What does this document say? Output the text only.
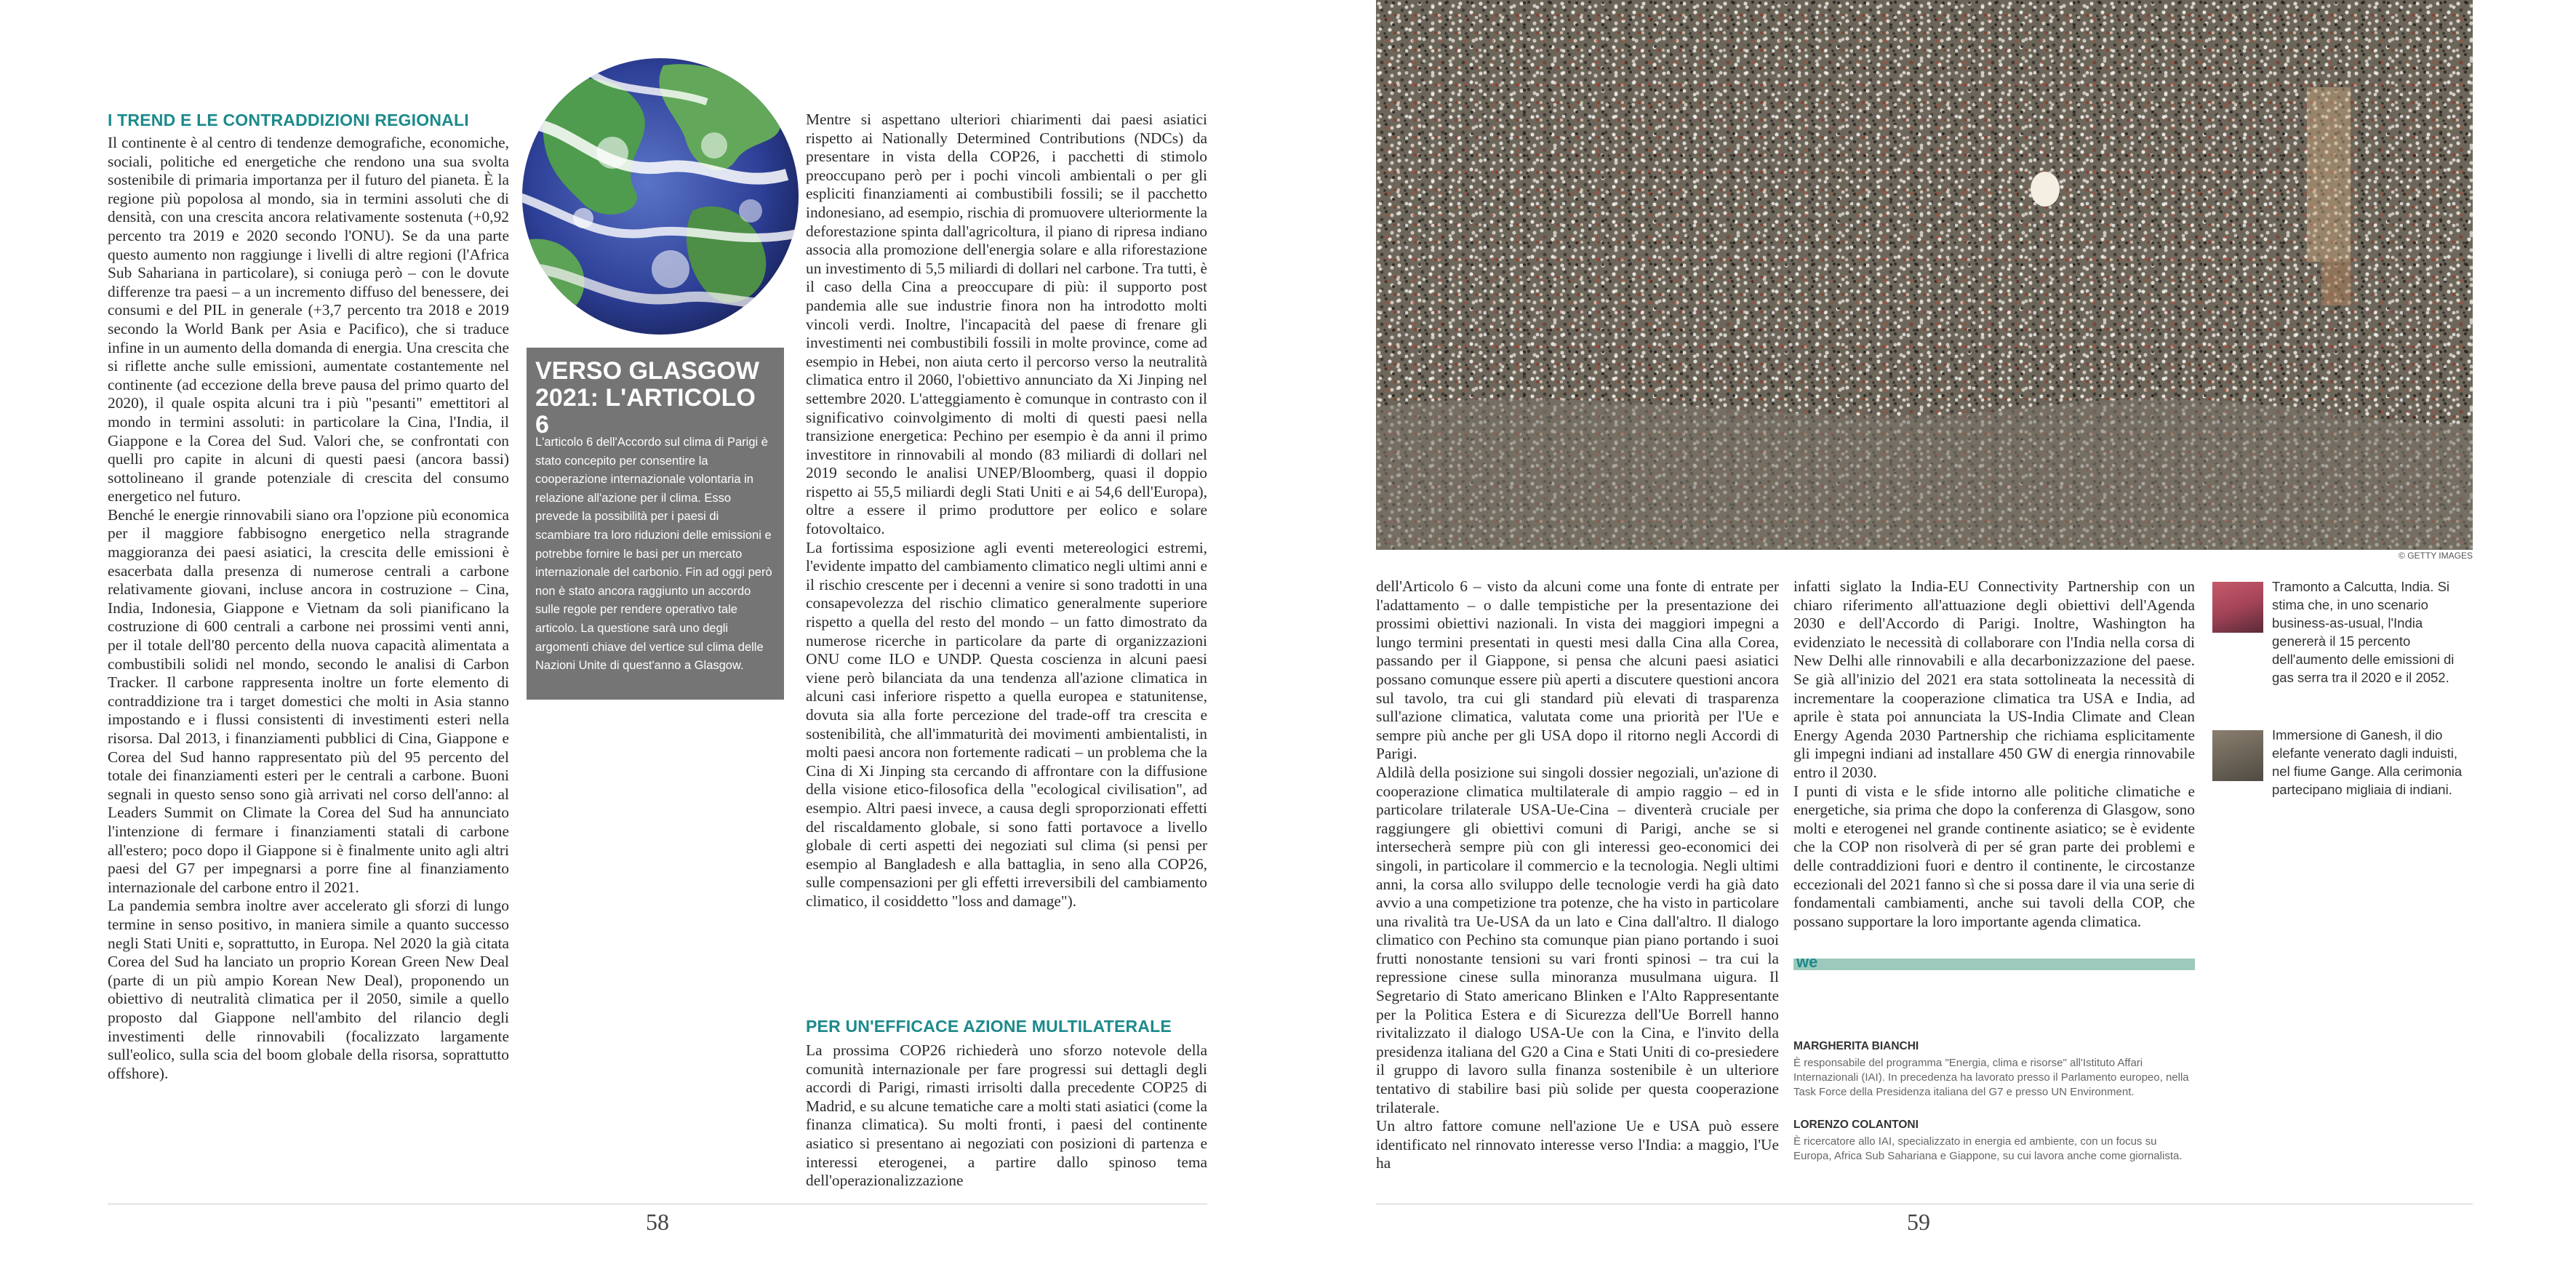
I TREND E LE CONTRADDIZIONI REGIONALI

Il continente è al centro di tendenze demografiche, economiche, sociali, politiche ed energetiche che rendono una sua svolta sostenibile di primaria importanza per il futuro del pianeta. È la regione più popolosa al mondo, sia in termini assoluti che di densità, con una crescita ancora relativamente sostenuta (+0,92 percento tra 2019 e 2020 secondo l'ONU). Se da una parte questo aumento non raggiunge i livelli di altre regioni (l'Africa Sub Sahariana in particolare), si coniuga però – con le dovute differenze tra paesi – a un incremento diffuso del benessere, dei consumi e del PIL in generale (+3,7 percento tra 2018 e 2019 secondo la World Bank per Asia e Pacifico), che si traduce infine in un aumento della domanda di energia. Una crescita che si riflette anche sulle emissioni, aumentate costantemente nel continente (ad eccezione della breve pausa del primo quarto del 2020), il quale ospita alcuni tra i più "pesanti" emettitori al mondo in termini assoluti: in particolare la Cina, l'India, il Giappone e la Corea del Sud. Valori che, se confrontati con quelli pro capite in alcuni di questi paesi (ancora bassi) sottolineano il grande potenziale di crescita del consumo energetico nel futuro.

Benché le energie rinnovabili siano ora l'opzione più economica per il maggiore fabbisogno energetico nella stragrande maggioranza dei paesi asiatici, la crescita delle emissioni è esacerbata dalla presenza di numerose centrali a carbone relativamente giovani, incluse ancora in costruzione – Cina, India, Indonesia, Giappone e Vietnam da soli pianificano la costruzione di 600 centrali a carbone nei prossimi venti anni, per il totale dell'80 percento della nuova capacità alimentata a combustibili solidi nel mondo, secondo le analisi di Carbon Tracker. Il carbone rappresenta inoltre un forte elemento di contraddizione tra i target domestici che molti in Asia stanno impostando e i flussi consistenti di investimenti esteri nella risorsa. Dal 2013, i finanziamenti pubblici di Cina, Giappone e Corea del Sud hanno rappresentato più del 95 percento del totale dei finanziamenti esteri per le centrali a carbone. Buoni segnali in questo senso sono già arrivati nel corso dell'anno: al Leaders Summit on Climate la Corea del Sud ha annunciato l'intenzione di fermare i finanziamenti statali di carbone all'estero; poco dopo il Giappone si è finalmente unito agli altri paesi del G7 per impegnarsi a porre fine al finanziamento internazionale del carbone entro il 2021.

La pandemia sembra inoltre aver accelerato gli sforzi di lungo termine in senso positivo, in maniera simile a quanto successo negli Stati Uniti e, soprattutto, in Europa. Nel 2020 la già citata Corea del Sud ha lanciato un proprio Korean Green New Deal (parte di un più ampio Korean New Deal), proponendo un obiettivo di neutralità climatica per il 2050, simile a quello proposto dal Giappone nell'ambito del rilancio degli investimenti delle rinnovabili (focalizzato largamente sull'eolico, sulla scia del boom globale della risorsa, soprattutto offshore).

VERSO GLASGOW 2021: L'ARTICOLO 6
L'articolo 6 dell'Accordo sul clima di Parigi è stato concepito per consentire la cooperazione internazionale volontaria in relazione all'azione per il clima. Esso prevede la possibilità per i paesi di scambiare tra loro riduzioni delle emissioni e potrebbe fornire le basi per un mercato internazionale del carbonio. Fin ad oggi però non è stato ancora raggiunto un accordo sulle regole per rendere operativo tale articolo. La questione sarà uno degli argomenti chiave del vertice sul clima delle Nazioni Unite di quest'anno a Glasgow.

Mentre si aspettano ulteriori chiarimenti dai paesi asiatici rispetto ai Nationally Determined Contributions (NDCs) da presentare in vista della COP26, i pacchetti di stimolo preoccupano però per i pochi vincoli ambientali o per gli espliciti finanziamenti ai combustibili fossili; se il pacchetto indonesiano, ad esempio, rischia di promuovere ulteriormente la deforestazione spinta dall'agricoltura, il piano di ripresa indiano associa alla promozione dell'energia solare e alla riforestazione un investimento di 5,5 miliardi di dollari nel carbone. Tra tutti, è il caso della Cina a preoccupare di più: il supporto post pandemia alle sue industrie finora non ha introdotto molti vincoli verdi. Inoltre, l'incapacità del paese di frenare gli investimenti nei combustibili fossili in molte province, come ad esempio in Hebei, non aiuta certo il percorso verso la neutralità climatica entro il 2060, l'obiettivo annunciato da Xi Jinping nel settembre 2020. L'atteggiamento è comunque in contrasto con il significativo coinvolgimento di molti di questi paesi nella transizione energetica: Pechino per esempio è da anni il primo investitore in rinnovabili al mondo (83 miliardi di dollari nel 2019 secondo le analisi UNEP/Bloomberg, quasi il doppio rispetto ai 55,5 miliardi degli Stati Uniti e ai 54,6 dell'Europa), oltre a essere il primo produttore per eolico e solare fotovoltaico.

La fortissima esposizione agli eventi metereologici estremi, l'evidente impatto del cambiamento climatico negli ultimi anni e il rischio crescente per i decenni a venire si sono tradotti in una consapevolezza del rischio climatico generalmente superiore rispetto a quella del resto del mondo – un fatto dimostrato da numerose ricerche in particolare da parte di organizzazioni ONU come ILO e UNDP. Questa coscienza in alcuni paesi viene però bilanciata da una tendenza all'azione climatica in alcuni casi inferiore rispetto a quella europea e statunitense, dovuta sia alla forte percezione del trade-off tra crescita e sostenibilità, che all'immaturità dei movimenti ambientalisti, in molti paesi ancora non fortemente radicati – un problema che la Cina di Xi Jinping sta cercando di affrontare con la diffusione della visione etico-filosofica della "ecological civilisation", ad esempio. Altri paesi invece, a causa degli sproporzionati effetti del riscaldamento globale, si sono fatti portavoce a livello globale di certi aspetti dei negoziati sul clima (si pensi per esempio al Bangladesh e alla battaglia, in seno alla COP26, sulle compensazioni per gli effetti irreversibili del cambiamento climatico, il cosiddetto "loss and damage").

PER UN'EFFICACE AZIONE MULTILATERALE
La prossima COP26 richiederà uno sforzo notevole della comunità internazionale per fare progressi sui dettagli degli accordi di Parigi, rimasti irrisolti dalla precedente COP25 di Madrid, e su alcune tematiche care a molti stati asiatici (come la finanza climatica). Su molti fronti, i paesi del continente asiatico si presentano ai negoziati con posizioni di partenza e interessi eterogenei, a partire dallo spinoso tema dell'operazionalizzazione
58
© GETTY IMAGES

dell'Articolo 6 – visto da alcuni come una fonte di entrate per l'adattamento – o dalle tempistiche per la presentazione dei prossimi obiettivi nazionali. In vista dei maggiori impegni a lungo termini presentati in questi mesi dalla Cina alla Corea, passando per il Giappone, si pensa che alcuni paesi asiatici possano comunque essere più aperti a discutere questioni ancora sul tavolo, tra cui gli standard più elevati di trasparenza sull'azione climatica, valutata come una priorità per l'Ue e sempre più anche per gli USA dopo il ritorno negli Accordi di Parigi.

Aldilà della posizione sui singoli dossier negoziali, un'azione di cooperazione climatica multilaterale di ampio raggio – ed in particolare trilaterale USA-Ue-Cina – diventerà cruciale per raggiungere gli obiettivi comuni di Parigi, anche se si intersecherà sempre più con gli interessi geo-economici dei singoli, in particolare il commercio e la tecnologia. Negli ultimi anni, la corsa allo sviluppo delle tecnologie verdi ha già dato avvio a una competizione tra potenze, che ha visto in particolare una rivalità tra Ue-USA da un lato e Cina dall'altro. Il dialogo climatico con Pechino sta comunque pian piano portando i suoi frutti nonostante tensioni su vari fronti spinosi – tra cui la repressione cinese sulla minoranza musulmana uigura. Il Segretario di Stato americano Blinken e l'Alto Rappresentante per la Politica Estera e di Sicurezza dell'Ue Borrell hanno rivitalizzato il dialogo USA-Ue con la Cina, e l'invito della presidenza italiana del G20 a Cina e Stati Uniti di co-presiedere il gruppo di lavoro sulla finanza sostenibile è un ulteriore tentativo di stabilire basi più solide per questa cooperazione trilaterale.

Un altro fattore comune nell'azione Ue e USA può essere identificato nel rinnovato interesse verso l'India: a maggio, l'Ue ha

infatti siglato la India-EU Connectivity Partnership con un chiaro riferimento all'attuazione degli obiettivi dell'Agenda 2030 e dell'Accordo di Parigi. Inoltre, Washington ha evidenziato le necessità di collaborare con l'India nella corsa di New Delhi alle rinnovabili e alla decarbonizzazione del paese. Se già all'inizio del 2021 era stata sottolineata la necessità di incrementare la cooperazione climatica tra USA e India, ad aprile è stata poi annunciata la US-India Climate and Clean Energy Agenda 2030 Partnership che richiama esplicitamente gli impegni indiani ad installare 450 GW di energia rinnovabile entro il 2030.

I punti di vista e le sfide intorno alle politiche climatiche e energetiche, sia prima che dopo la conferenza di Glasgow, sono molti e eterogenei nel grande continente asiatico; se è evidente che la COP non risolverà di per sé gran parte dei problemi e delle contraddizioni fuori e dentro il continente, le circostanze eccezionali del 2021 fanno sì che si possa dare il via una serie di fondamentali cambiamenti, anche sui tavoli della COP, che possano supportare la loro importante agenda climatica.

we
MARGHERITA BIANCHI
È responsabile del programma "Energia, clima e risorse" all'Istituto Affari Internazionali (IAI). In precedenza ha lavorato presso il Parlamento europeo, nella Task Force della Presidenza italiana del G7 e presso UN Environment.
LORENZO COLANTONI
È ricercatore allo IAI, specializzato in energia ed ambiente, con un focus su Europa, Africa Sub Sahariana e Giappone, su cui lavora anche come giornalista.
Tramonto a Calcutta, India. Si stima che, in uno scenario business-as-usual, l'India genererà il 15 percento dell'aumento delle emissioni di gas serra tra il 2020 e il 2052.
Immersione di Ganesh, il dio elefante venerato dagli induisti, nel fiume Gange. Alla cerimonia partecipano migliaia di indiani.
59
